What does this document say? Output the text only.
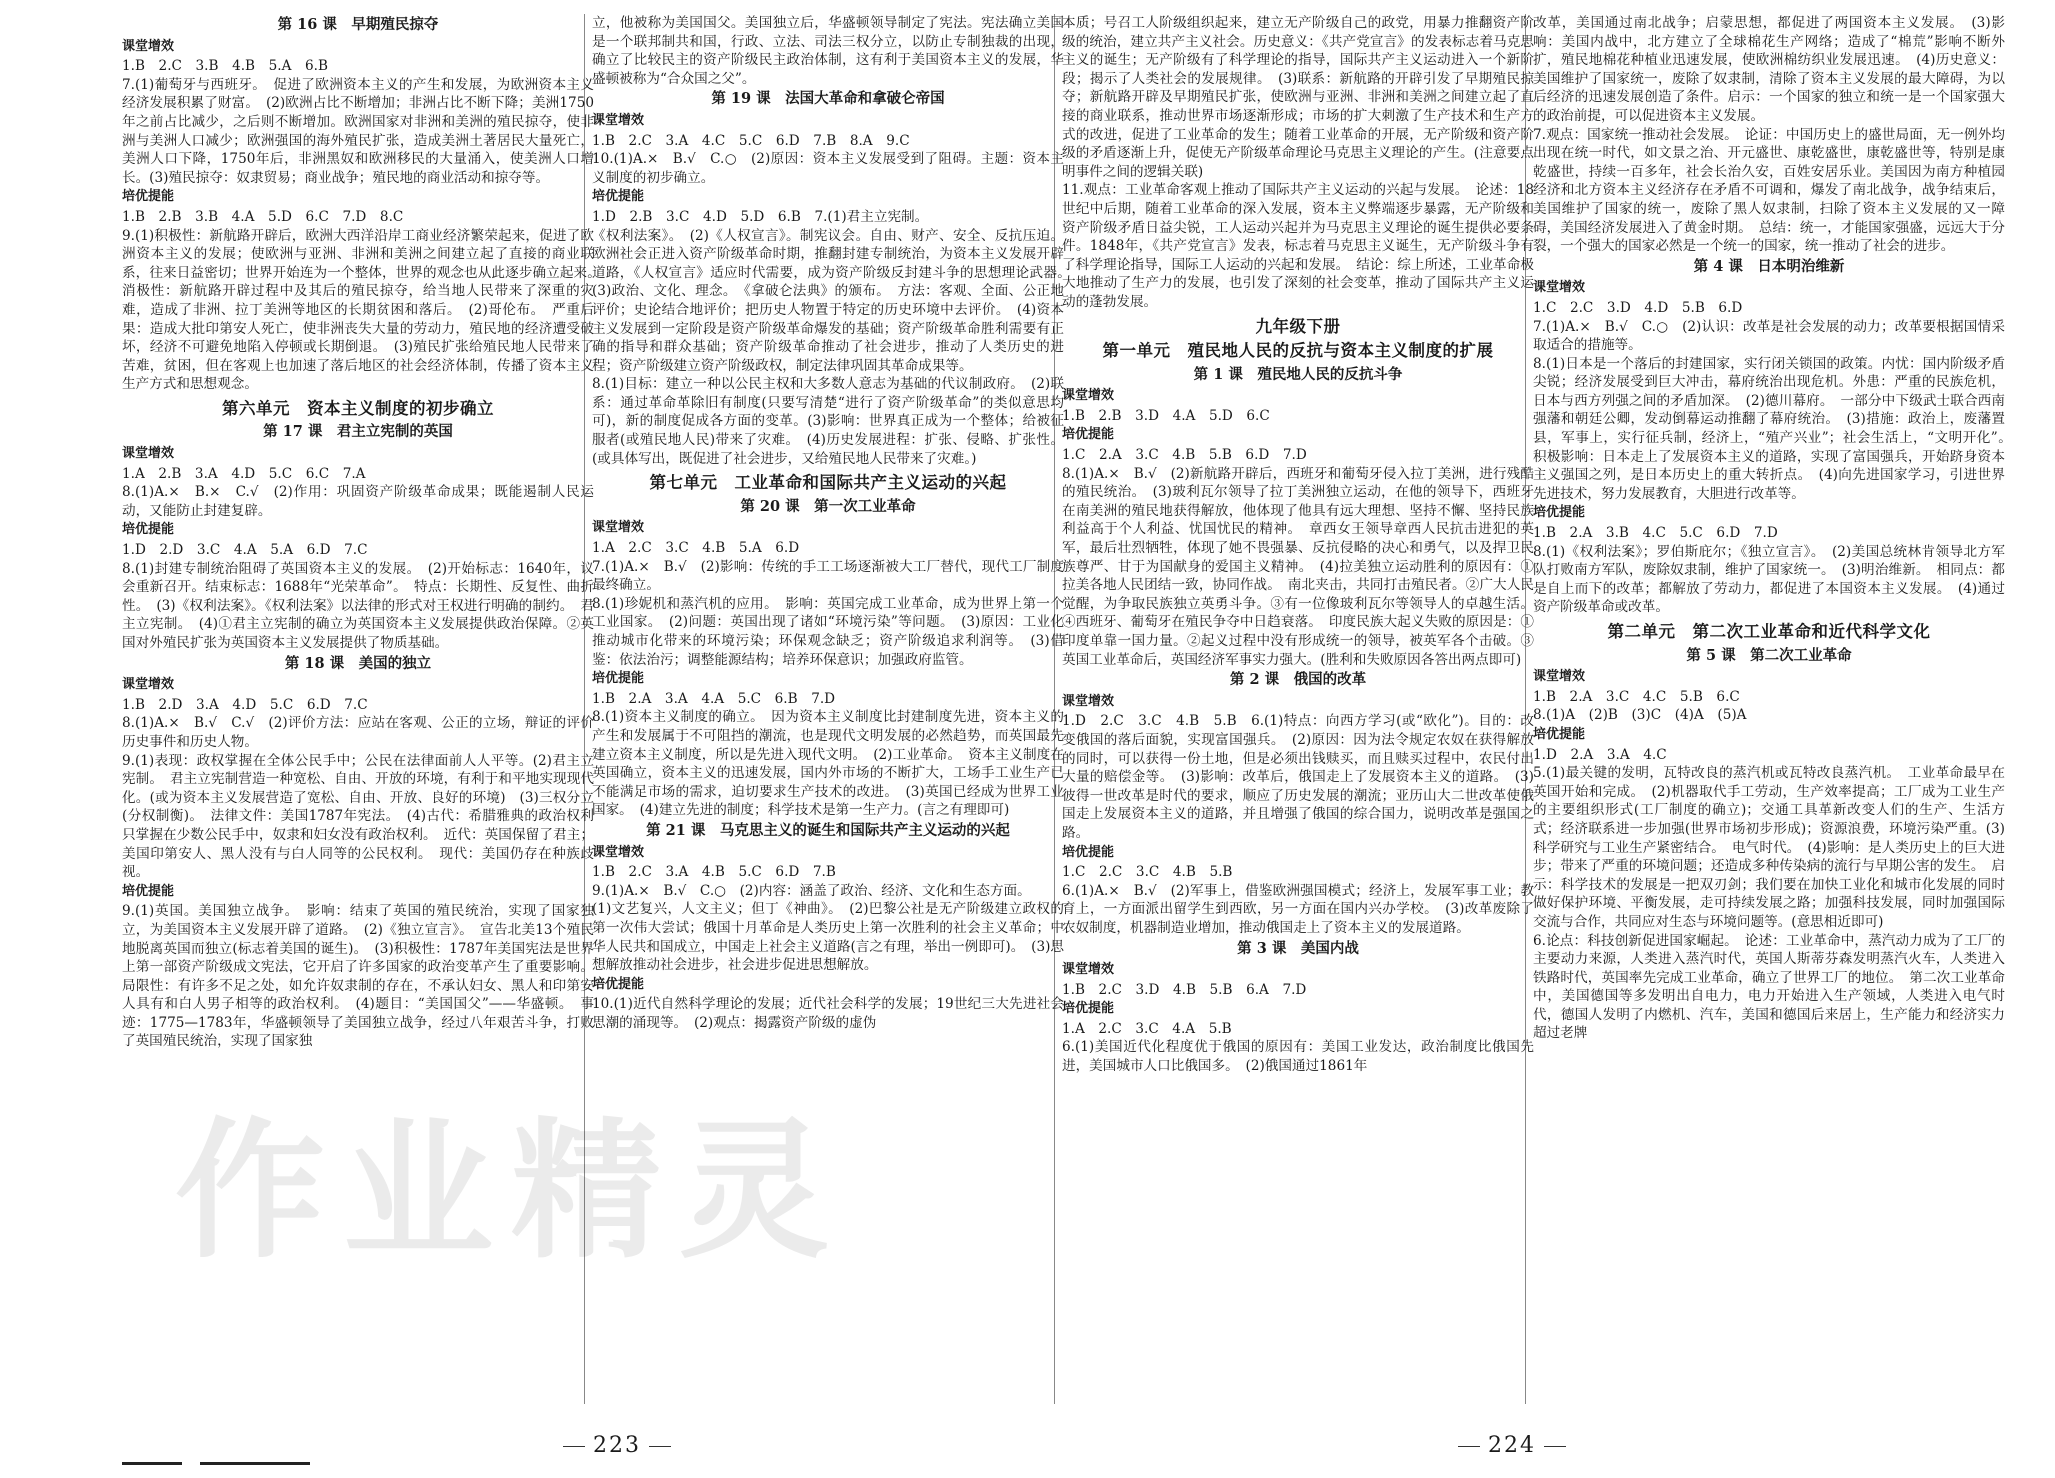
第 16 课　早期殖民掠夺
课堂增效
1.B　2.C　3.B　4.B　5.A　6.B
7.(1)葡萄牙与西班牙。　促进了欧洲资本主义的产生和发展，为欧洲资本主义经济发展积累了财富。　(2)欧洲占比不断增加；非洲占比不断下降；美洲1750年之前占比减少，之后则不断增加。欧洲国家对非洲和美洲的殖民掠夺，使非洲与美洲人口减少；欧洲强国的海外殖民扩张，造成美洲土著居民大量死亡，美洲人口下降，1750年后，非洲黑奴和欧洲移民的大量涌入，使美洲人口增长。(3)殖民掠夺：奴隶贸易；商业战争；殖民地的商业活动和掠夺等。
培优提能
1.B　2.B　3.B　4.A　5.D　6.C　7.D　8.C
9.(1)积极性：新航路开辟后，欧洲大西洋沿岸工商业经济繁荣起来，促进了欧洲资本主义的发展；使欧洲与亚洲、非洲和美洲之间建立起了直接的商业联系，往来日益密切；世界开始连为一个整体，世界的观念也从此逐步确立起来。　消极性：新航路开辟过程中及其后的殖民掠夺，给当地人民带来了深重的灾难，造成了非洲、拉丁美洲等地区的长期贫困和落后。　(2)哥伦布。　严重后果：造成大批印第安人死亡，使非洲丧失大量的劳动力，殖民地的经济遭受破坏，经济不可避免地陷入停顿或长期倒退。　(3)殖民扩张给殖民地人民带来了苦难，贫困，但在客观上也加速了落后地区的社会经济体制，传播了资本主义生产方式和思想观念。
第六单元　资本主义制度的初步确立
第 17 课　君主立宪制的英国
课堂增效
1.A　2.B　3.A　4.D　5.C　6.C　7.A
8.(1)A.×　B.×　C.√　(2)作用：巩固资产阶级革命成果；既能遏制人民运动，又能防止封建复辟。
培优提能
1.D　2.D　3.C　4.A　5.A　6.D　7.C
8.(1)封建专制统治阻碍了英国资本主义的发展。　(2)开始标志：1640年，议会重新召开。结束标志：1688年“光荣革命”。　特点：长期性、反复性、曲折性。　(3)《权利法案》。《权利法案》以法律的形式对王权进行明确的制约。　君主立宪制。　(4)①君主立宪制的确立为英国资本主义发展提供政治保障。②英国对外殖民扩张为英国资本主义发展提供了物质基础。
第 18 课　美国的独立
课堂增效
1.B　2.D　3.A　4.D　5.C　6.D　7.C
8.(1)A.×　B.√　C.√　(2)评价方法：应站在客观、公正的立场，辩证的评价历史事件和历史人物。
9.(1)表现：政权掌握在全体公民手中；公民在法律面前人人平等。(2)君主立宪制。　君主立宪制营造一种宽松、自由、开放的环境，有利于和平地实现现代化。(或为资本主义发展营造了宽松、自由、开放、良好的环境)　(3)三权分立(分权制衡)。　法律文件：美国1787年宪法。　(4)古代：希腊雅典的政治权利只掌握在少数公民手中，奴隶和妇女没有政治权利。　近代：英国保留了君主；美国印第安人、黑人没有与白人同等的公民权利。　现代：美国仍存在种族歧视。
培优提能
9.(1)英国。美国独立战争。　影响：结束了英国的殖民统治，实现了国家独立，为美国资本主义发展开辟了道路。　(2)《独立宣言》。　宣告北美13个殖民地脱离英国而独立(标志着美国的诞生)。　(3)积极性：1787年美国宪法是世界上第一部资产阶级成文宪法，它开启了许多国家的政治变革产生了重要影响。局限性：有许多不足之处，如允许奴隶制的存在，不承认妇女、黑人和印第安人具有和白人男子相等的政治权利。　(4)题目：“美国国父”——华盛顿。　事迹：1775—1783年，华盛顿领导了美国独立战争，经过八年艰苦斗争，打败了英国殖民统治，实现了国家独
立，他被称为美国国父。美国独立后，华盛顿领导制定了宪法。宪法确立美国是一个联邦制共和国，行政、立法、司法三权分立，以防止专制独裁的出现，确立了比较民主的资产阶级民主政治体制，这有利于美国资本主义的发展，华盛顿被称为“合众国之父”。
第 19 课　法国大革命和拿破仑帝国
课堂增效
1.B　2.C　3.A　4.C　5.C　6.D　7.B　8.A　9.C
10.(1)A.×　B.√　C.○　(2)原因：资本主义发展受到了阻碍。主题：资本主义制度的初步确立。
培优提能
1.D　2.B　3.C　4.D　5.D　6.B　7.(1)君主立宪制。
《权利法案》。　(2)《人权宣言》。制宪议会。自由、财产、安全、反抗压迫。欧洲社会正进入资产阶级革命时期，推翻封建专制统治，为资本主义发展开辟道路，《人权宣言》适应时代需要，成为资产阶级反封建斗争的思想理论武器。　(3)政治、文化、理念。　《拿破仑法典》的颁布。　方法：客观、全面、公正地评价；史论结合地评价；把历史人物置于特定的历史环境中去评价。　(4)资本主义发展到一定阶段是资产阶级革命爆发的基础；资产阶级革命胜利需要有正确的指导和群众基础；资产阶级革命推动了社会进步，推动了人类历史的进程；资产阶级建立资产阶级政权，制定法律巩固其革命成果等。
8.(1)目标：建立一种以公民主权和大多数人意志为基础的代议制政府。　(2)联系：通过革命革除旧有制度(只要写清楚“进行了资产阶级革命”的类似意思均可)，新的制度促成各方面的变革。(3)影响：世界真正成为一个整体；给被征服者(或殖民地人民)带来了灾难。　(4)历史发展进程：扩张、侵略、扩张性。(或具体写出，既促进了社会进步，又给殖民地人民带来了灾难。)
第七单元　工业革命和国际共产主义运动的兴起
第 20 课　第一次工业革命
课堂增效
1.A　2.C　3.C　4.B　5.A　6.D
7.(1)A.×　B.√　(2)影响：传统的手工工场逐渐被大工厂替代，现代工厂制度最终确立。
8.(1)珍妮机和蒸汽机的应用。　影响：英国完成工业革命，成为世界上第一个工业国家。　(2)问题：英国出现了诸如“环境污染”等问题。　(3)原因：工业化推动城市化带来的环境污染；环保观念缺乏；资产阶级追求利润等。　(3)借鉴：依法治污；调整能源结构；培养环保意识；加强政府监管。
培优提能
1.B　2.A　3.A　4.A　5.C　6.B　7.D
8.(1)资本主义制度的确立。　因为资本主义制度比封建制度先进，资本主义的产生和发展属于不可阻挡的潮流，也是现代文明发展的必然趋势，而英国最先建立资本主义制度，所以是先进入现代文明。　(2)工业革命。　资本主义制度在英国确立，资本主义的迅速发展，国内外市场的不断扩大，工场手工业生产已不能满足市场的需求，迫切要求生产技术的改进。　(3)英国已经成为世界工业国家。　(4)建立先进的制度；科学技术是第一生产力。(言之有理即可)
第 21 课　马克思主义的诞生和国际共产主义运动的兴起
课堂增效
1.B　2.C　3.A　4.B　5.C　6.D　7.B
9.(1)A.×　B.√　C.○　(2)内容：涵盖了政治、经济、文化和生态方面。
(1)文艺复兴，人文主义；但丁《神曲》。　(2)巴黎公社是无产阶级建立政权的第一次伟大尝试；俄国十月革命是人类历史上第一次胜利的社会主义革命；中华人民共和国成立，中国走上社会主义道路(言之有理，举出一例即可)。　(3)思想解放推动社会进步，社会进步促进思想解放。
培优提能
10.(1)近代自然科学理论的发展；近代社会科学的发展；19世纪三大先进社会思潮的涌现等。　(2)观点：揭露资产阶级的虚伪
本质；号召工人阶级组织起来，建立无产阶级自己的政党，用暴力推翻资产阶级的统治，建立共产主义社会。历史意义：《共产党宣言》的发表标志着马克思主义的诞生；无产阶级有了科学理论的指导，国际共产主义运动进入一个新阶段；揭示了人类社会的发展规律。　(3)联系：新航路的开辟引发了早期殖民掠夺；新航路开辟及早期殖民扩张，使欧洲与亚洲、非洲和美洲之间建立起了直接的商业联系，推动世界市场逐渐形成；市场的扩大刺激了生产技术和生产方式的改进，促进了工业革命的发生；随着工业革命的开展，无产阶级和资产阶级的矛盾逐渐上升，促使无产阶级革命理论马克思主义理论的产生。(注意要点明事件之间的逻辑关联)
11.观点：工业革命客观上推动了国际共产主义运动的兴起与发展。　论述：18世纪中后期，随着工业革命的深入发展，资本主义弊端逐步暴露，无产阶级和资产阶级矛盾日益尖锐，工人运动兴起并为马克思主义理论的诞生提供必要条件。1848年，《共产党宣言》发表，标志着马克思主义诞生，无产阶级斗争有了科学理论指导，国际工人运动的兴起和发展。　结论：综上所述，工业革命极大地推动了生产力的发展，也引发了深刻的社会变革，推动了国际共产主义运动的蓬勃发展。
九年级下册
第一单元　殖民地人民的反抗与资本主义制度的扩展
第 1 课　殖民地人民的反抗斗争
课堂增效
1.B　2.B　3.D　4.A　5.D　6.C
培优提能
1.C　2.A　3.C　4.B　5.B　6.D　7.D
8.(1)A.×　B.√　(2)新航路开辟后，西班牙和葡萄牙侵入拉丁美洲，进行残酷的殖民统治。　(3)玻利瓦尔领导了拉丁美洲独立运动，在他的领导下，西班牙在南美洲的殖民地获得解放，他体现了他具有远大理想、坚持不懈、坚持民族利益高于个人利益、忧国忧民的精神。　章西女王领导章西人民抗击进犯的英军，最后壮烈牺牲，体现了她不畏强暴、反抗侵略的决心和勇气，以及捍卫民族尊严、甘于为国献身的爱国主义精神。　(4)拉美独立运动胜利的原因有：①拉美各地人民团结一致，协同作战。　南北夹击，共同打击殖民者。②广大人民觉醒，为争取民族独立英勇斗争。③有一位像玻利瓦尔等领导人的卓越生活。④西班牙、葡萄牙在殖民争夺中日趋衰落。　印度民族大起义失败的原因是：①印度单靠一国力量。②起义过程中没有形成统一的领导，被英军各个击破。③英国工业革命后，英国经济军事实力强大。(胜利和失败原因各答出两点即可)
第 2 课　俄国的改革
课堂增效
1.D　2.C　3.C　4.B　5.B　6.(1)特点：向西方学习(或“欧化”)。目的：改变俄国的落后面貌，实现富国强兵。　(2)原因：因为法令规定农奴在获得解放的同时，可以获得一份土地，但是必须出钱赎买，而且赎买过程中，农民付出大量的赔偿金等。　(3)影响：改革后，俄国走上了发展资本主义的道路。　(3)彼得一世改革是时代的要求，顺应了历史发展的潮流；亚历山大二世改革使俄国走上发展资本主义的道路，并且增强了俄国的综合国力，说明改革是强国之路。
培优提能
1.C　2.C　3.C　4.B　5.B
6.(1)A.×　B.√　(2)军事上，借鉴欧洲强国模式；经济上，发展军事工业；教育上，一方面派出留学生到西欧，另一方面在国内兴办学校。　(3)改革废除了农奴制度，机器制造业增加，推动俄国走上了资本主义的发展道路。
第 3 课　美国内战
课堂增效
1.B　2.C　3.D　4.B　5.B　6.A　7.D
培优提能
1.A　2.C　3.C　4.A　5.B
6.(1)美国近代化程度优于俄国的原因有：美国工业发达，政治制度比俄国先进，美国城市人口比俄国多。　(2)俄国通过1861年
改革，美国通过南北战争；启蒙思想，都促进了两国资本主义发展。　(3)影响：美国内战中，北方建立了全球棉花生产网络；造成了“棉荒”影响不断外扩，殖民地棉花种植业迅速发展，使欧洲棉纺织业发展迅速。　(4)历史意义：美国维护了国家统一，废除了奴隶制，清除了资本主义发展的最大障碍，为以后经济的迅速发展创造了条件。启示：一个国家的独立和统一是一个国家强大的政治前提，可以促进资本主义发展。
7.观点：国家统一推动社会发展。　论证：中国历史上的盛世局面，无一例外均出现在统一时代，如文景之治、开元盛世、康乾盛世，康乾盛世等，特别是康乾盛世，持续一百多年，社会长治久安，百姓安居乐业。美国因为南方种植园经济和北方资本主义经济存在矛盾不可调和，爆发了南北战争，战争结束后，美国维护了国家的统一，废除了黑人奴隶制，扫除了资本主义发展的又一障碍，美国经济发展进入了黄金时期。　总结：统一，才能国家强盛，远远大于分裂，一个强大的国家必然是一个统一的国家，统一推动了社会的进步。
第 4 课　日本明治维新
课堂增效
1.C　2.C　3.D　4.D　5.B　6.D
7.(1)A.×　B.√　C.○　(2)认识：改革是社会发展的动力；改革要根据国情采取适合的措施等。
8.(1)日本是一个落后的封建国家，实行闭关锁国的政策。内忧：国内阶级矛盾尖锐；经济发展受到巨大冲击，幕府统治出现危机。外患：严重的民族危机，日本与西方列强之间的矛盾加深。　(2)德川幕府。　一部分中下级武士联合西南强藩和朝廷公卿，发动倒幕运动推翻了幕府统治。　(3)措施：政治上，废藩置县，军事上，实行征兵制，经济上，“殖产兴业”；社会生活上，“文明开化”。　积极影响：日本走上了发展资本主义的道路，实现了富国强兵，开始跻身资本主义强国之列，是日本历史上的重大转折点。　(4)向先进国家学习，引进世界先进技术，努力发展教育，大胆进行改革等。
培优提能
1.B　2.A　3.B　4.C　5.C　6.D　7.D
8.(1)《权利法案》；罗伯斯庇尔；《独立宣言》。　(2)美国总统林肯领导北方军队打败南方军队，废除奴隶制，维护了国家统一。　(3)明治维新。　相同点：都是自上而下的改革；都解放了劳动力，都促进了本国资本主义发展。　(4)通过资产阶级革命或改革。
第二单元　第二次工业革命和近代科学文化
第 5 课　第二次工业革命
课堂增效
1.B　2.A　3.C　4.C　5.B　6.C
8.(1)A　(2)B　(3)C　(4)A　(5)A
培优提能
1.D　2.A　3.A　4.C
5.(1)最关键的发明，瓦特改良的蒸汽机或瓦特改良蒸汽机。　工业革命最早在英国开始和完成。　(2)机器取代手工劳动，生产效率提高；工厂成为工业生产的主要组织形式(工厂制度的确立)；交通工具革新改变人们的生产、生活方式；经济联系进一步加强(世界市场初步形成)；资源浪费，环境污染严重。(3)科学研究与工业生产紧密结合。　电气时代。　(4)影响：是人类历史上的巨大进步；带来了严重的环境问题；还造成多种传染病的流行与早期公害的发生。　启示：科学技术的发展是一把双刃剑；我们要在加快工业化和城市化发展的同时做好保护环境、平衡发展，走可持续发展之路；加强科技发展，同时加强国际交流与合作，共同应对生态与环境问题等。(意思相近即可)
6.论点：科技创新促进国家崛起。　论述：工业革命中，蒸汽动力成为了工厂的主要动力来源，人类进入蒸汽时代，英国人斯蒂芬森发明蒸汽火车，人类进入铁路时代，英国率先完成工业革命，确立了世界工厂的地位。　第二次工业革命中，美国德国等多发明出自电力，电力开始进入生产领域，人类进入电气时代，德国人发明了内燃机、汽车，美国和德国后来居上，生产能力和经济实力超过老牌
作业精灵
223	224
